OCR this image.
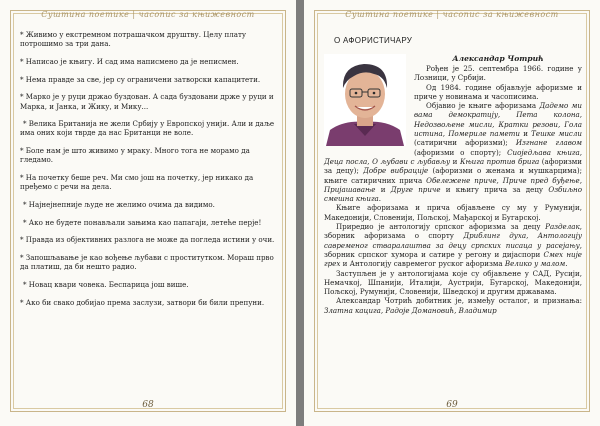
Суштина поетике | часопис за књижевност

* Живимо у екстремном потрашачком друштву. Целу плату потрошимо за три дана.

* Написао је књигу. И сад има написмено да је неписмен.

* Нема правде за све, јер су ограничени затворски капацитети.

* Марко је у руци држао буздован. А сада буздовани држе у руци и Марка, и Јанка, и Жику, и Мику...

* Велика Британија не жели Србију у Европској унији. Али и даље има оних који тврде да нас Британци не воле.

* Боле нам је што живимо у мраку. Много тога не морамо да гледамо.

* На почетку беше реч. Ми смо још на почетку, јер никако да пређемо с речи на дела.

* Најнејнепније људе не желимо очима да видимо.

* Ако не будете понављали зањима као папагаји, летеће перје!

* Правда из објективних разлога не може да погледа истини у очи.

* Запошљавање је као вођење љубави с проститутком. Мораш прво да платиш, да би нешто радио.

* Новац квари човека. Беспарица још више.

* Ако би свако добијао према заслузи, затвори би били препуни.

68
Суштина поетике | часопис за књижевност
О АФОРИСТИЧАРУ
Александар Чотрић

Рођен је 25. септембра 1966. године у Лозници, у Србији.

Од 1984. године објављује афоризме и приче у новинама и часописима.

Објавио је књиге афоризама Дадемо ми вама демократију, Пета колона, Недозвољене мисли, Кратки резови, Гола истина, Помериле памети и Тешке мисли (сатирични афоризми); Изгнане главом (афоризми о спорту); Сиоједљава књига, Деца посла, О љубави с љубављу и Књига против брига (афоризми за децу); Добре вибрације (афоризми о женама и мушкарцима); књиге сатиричних прича Обележене приче, Приче пред буђење, Пријашавање и Друге приче и књигу прича за децу Озбиљно смешна књига.

Књиге афоризама и прича објављене су му у Румунији, Македонији, Словенији, Пољској, Мађарској и Бугарској.

Приредио је антологију српског афоризма за децу Разделак, зборник афоризама о спорту Дриблинг духа, Антологију савременог стваралаштва за децу српских писаца у расејању, зборник српског хумора и сатире у регону и дијаспори Смех није грех и Антологију савремегог руског афоризма Велико у малом.

Заступљен је у антологијама које су објављене у САД, Русији, Немачкој, Шпанији, Италији, Аустрији, Бугарској, Македонији, Пољској, Румунији, Словенији, Шведској и другим државама.

Александар Чотрић добитник је, између осталог, и признања: Златна кацига, Радоје Домановић, Владимир

69
